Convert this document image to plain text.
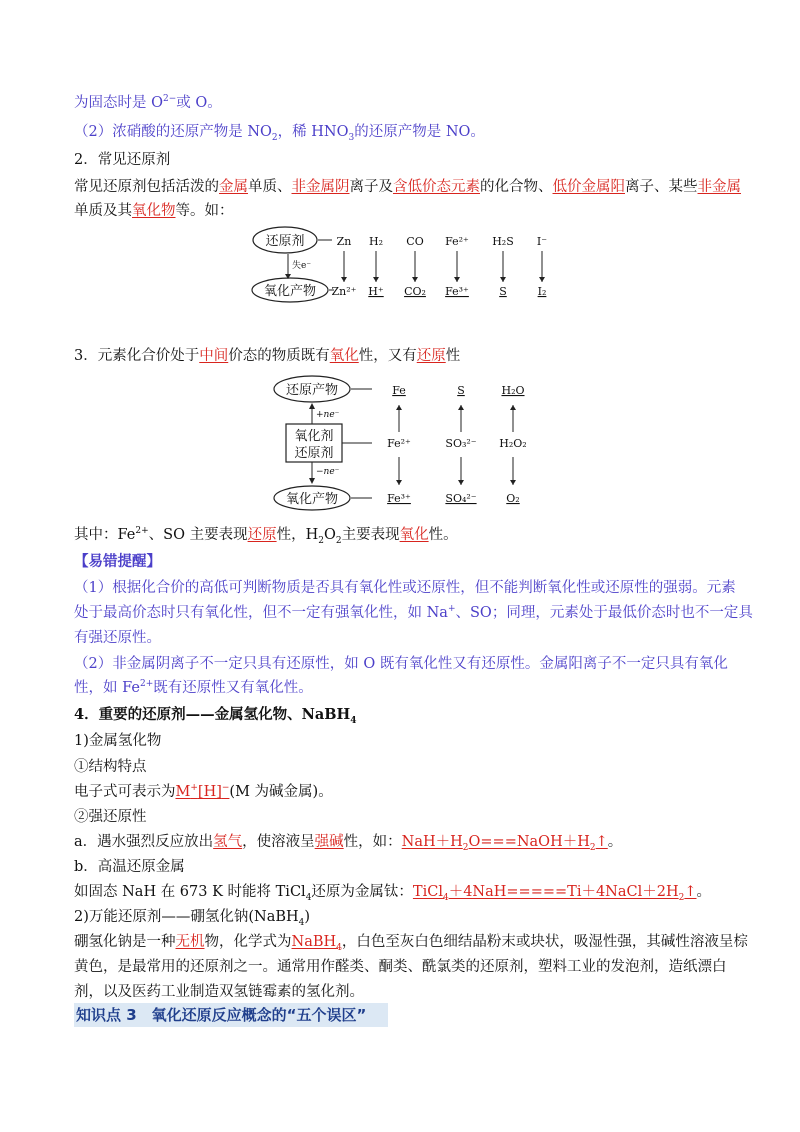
为固态时是 $O^{2-}$或 O。
（2）浓硝酸的还原产物是 $NO_2$，稀 $HNO_3$的还原产物是 NO。
2．常见还原剂
常见还原剂包括活泼的金属单质、非金属阴离子及含低价态元素的化合物、低价金属阳离子、某些非金属
单质及其氧化物等。如：
还原剂
氧化产物
失e⁻
Zn H₂ CO Fe²⁺ H₂S I⁻
Zn²⁺ H⁺ CO₂ Fe³⁺	S	I₂
3．元素化合价处于中间价态的物质既有氧化性，又有还原性
还原产物
氧化剂
还原剂
氧化产物
+ne⁻
−ne⁻
Fe	S	H₂O
Fe²⁺	SO₃²⁻ H₂O₂
Fe³⁺	SO₄²⁻	O₂
其中：$Fe^{2+}$、SO 主要表现还原性，$H_2O_2$主要表现氧化性。
【易错提醒】
（1）根据化合价的高低可判断物质是否具有氧化性或还原性，但不能判断氧化性或还原性的强弱。元素
处于最高价态时只有氧化性，但不一定有强氧化性，如 Na+、SO；同理，元素处于最低价态时也不一定具
有强还原性。
（2）非金属阴离子不一定只具有还原性，如 O 既有氧化性又有还原性。金属阳离子不一定只具有氧化
性，如 $Fe^{2+}$既有还原性又有氧化性。
4．重要的还原剂——金属氢化物、NaBH$_4$
1)金属氢化物
①结构特点
电子式可表示为M+[H]−(M 为碱金属)。
②强还原性
a．遇水强烈反应放出氢气，使溶液呈强碱性，如：$NaH+H_2O===NaOH+H_2↑$。
b．高温还原金属
如固态 NaH 在 673 K 时能将 TiCl$_4$还原为金属钛：$TiCl_4+4NaH=====Ti+4NaCl+2H_2↑$。
2)万能还原剂——硼氢化钠(NaBH$_4$)
硼氢化钠是一种无机物，化学式为NaBH$_4$，白色至灰白色细结晶粉末或块状，吸湿性强，其碱性溶液呈棕
黄色，是最常用的还原剂之一。通常用作醛类、酮类、酰氯类的还原剂，塑料工业的发泡剂，造纸漂白
剂，以及医药工业制造双氢链霉素的氢化剂。
知识点 3　氧化还原反应概念的“五个误区”
